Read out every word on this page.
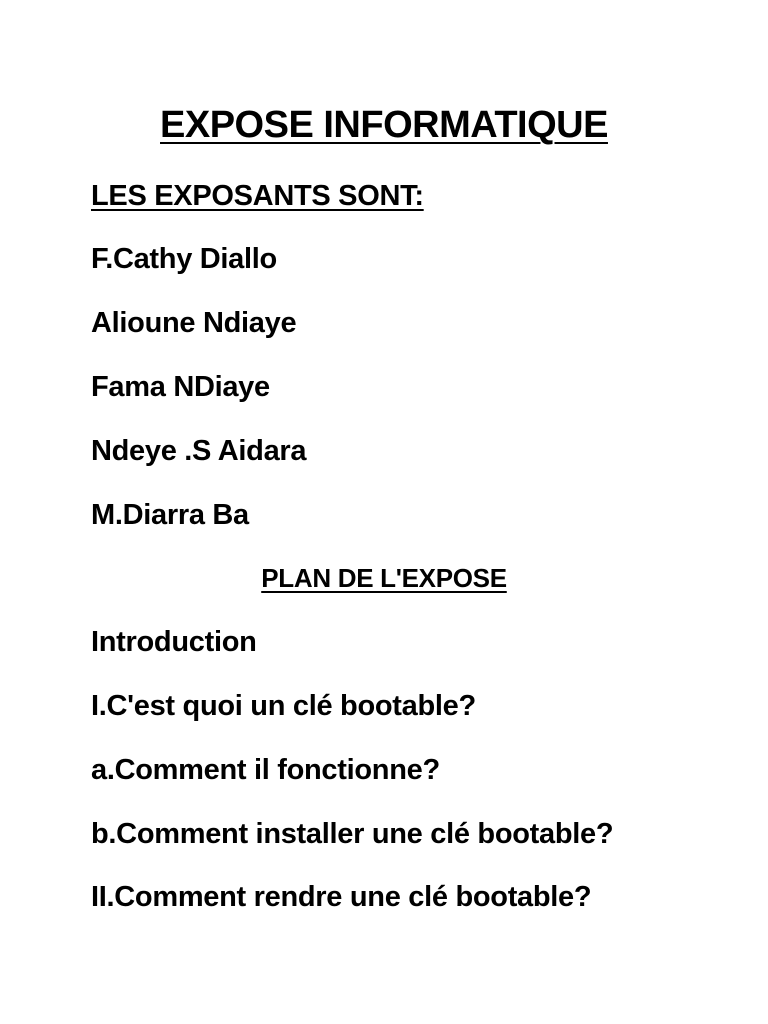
EXPOSE INFORMATIQUE

LES EXPOSANTS SONT:

F.Cathy Diallo

Alioune Ndiaye

Fama NDiaye

Ndeye .S Aidara

M.Diarra Ba

PLAN DE L'EXPOSE

Introduction

I.C'est quoi un clé bootable?

a.Comment il fonctionne?

b.Comment installer une clé bootable?

II.Comment rendre une clé bootable?
